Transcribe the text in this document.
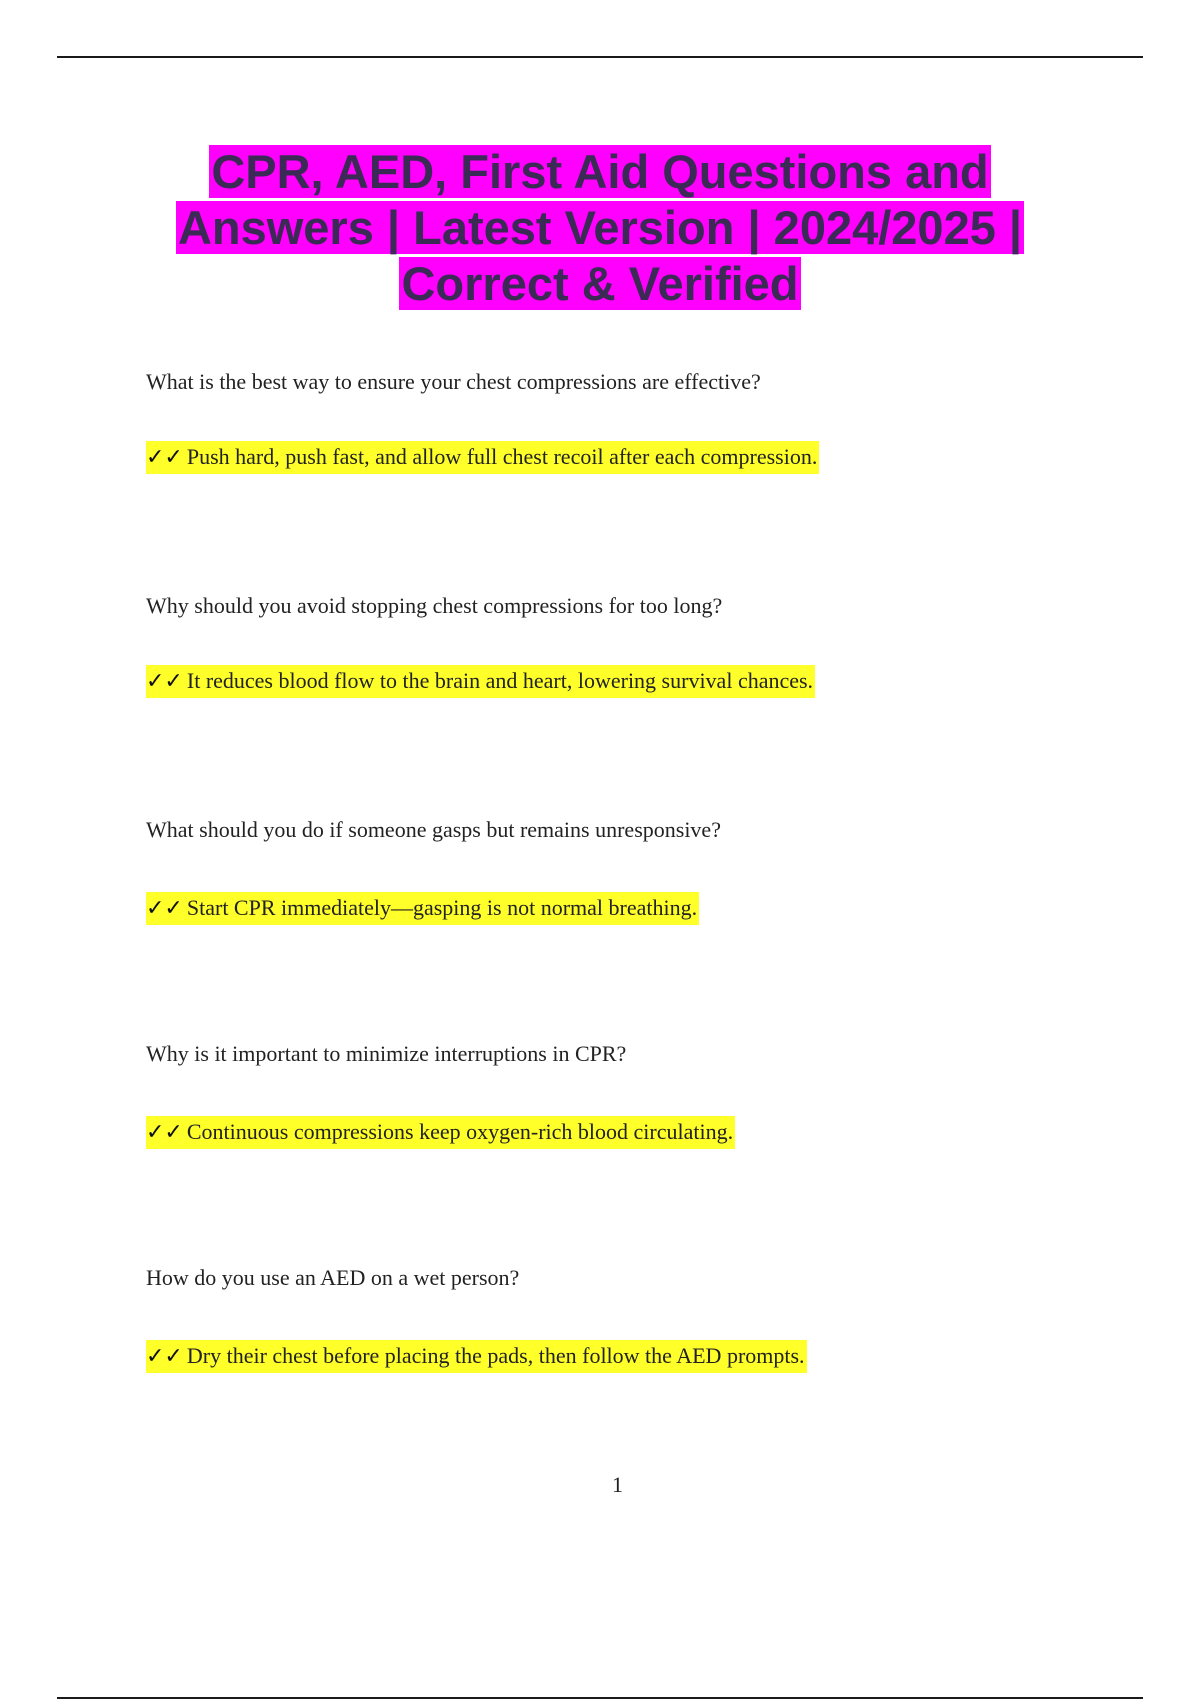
CPR, AED, First Aid Questions and
Answers | Latest Version | 2024/2025 |
Correct & Verified
What is the best way to ensure your chest compressions are effective?
✓✓ Push hard, push fast, and allow full chest recoil after each compression.
Why should you avoid stopping chest compressions for too long?
✓✓ It reduces blood flow to the brain and heart, lowering survival chances.
What should you do if someone gasps but remains unresponsive?
✓✓ Start CPR immediately—gasping is not normal breathing.
Why is it important to minimize interruptions in CPR?
✓✓ Continuous compressions keep oxygen-rich blood circulating.
How do you use an AED on a wet person?
✓✓ Dry their chest before placing the pads, then follow the AED prompts.
1
